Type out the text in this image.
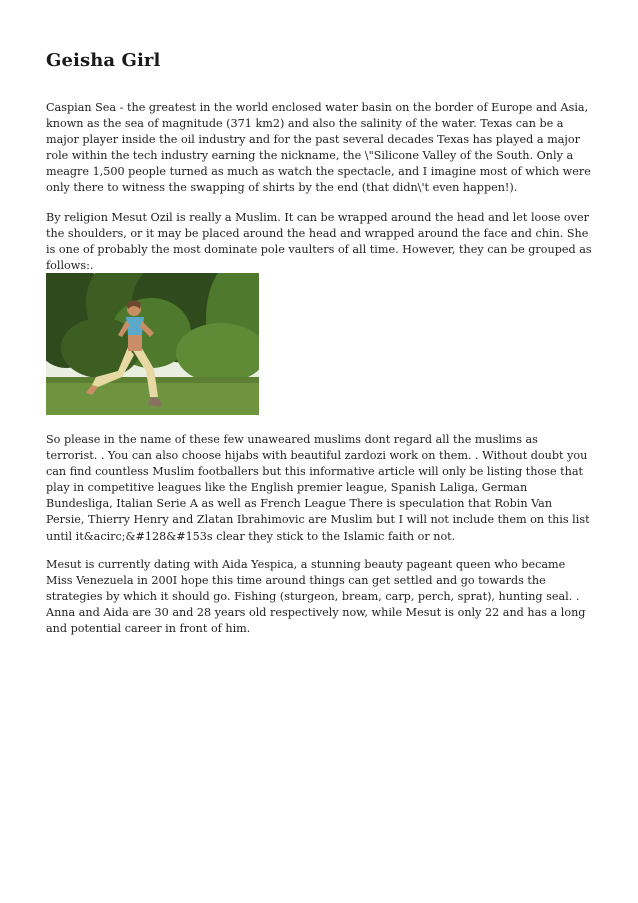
Geisha Girl

Caspian Sea - the greatest in the world enclosed water basin on the border of Europe and Asia, known as the sea of magnitude (371 km2) and also the salinity of the water. Texas can be a major player inside the oil industry and for the past several decades Texas has played a major role within the tech industry earning the nickname, the \"Silicone Valley of the South. Only a meagre 1,500 people turned as much as watch the spectacle, and I imagine most of which were only there to witness the swapping of shirts by the end (that didn\'t even happen!).

By religion Mesut Ozil is really a Muslim. It can be wrapped around the head and let loose over the shoulders, or it may be placed around the head and wrapped around the face and chin. She is one of probably the most dominate pole vaulters of all time. However, they can be grouped as follows:.

So please in the name of these few unaweared muslims dont regard all the muslims as terrorist. . You can also choose hijabs with beautiful zardozi work on them. . Without doubt you can find countless Muslim footballers but this informative article will only be listing those that play in competitive leagues like the English premier league, Spanish Laliga, German Bundesliga, Italian Serie A as well as French League There is speculation that Robin Van Persie, Thierry Henry and Zlatan Ibrahimovic are Muslim but I will not include them on this list until it&acirc;&#128&#153s clear they stick to the Islamic faith or not.

Mesut is currently dating with Aida Yespica, a stunning beauty pageant queen who became Miss Venezuela in 200I hope this time around things can get settled and go towards the strategies by which it should go. Fishing (sturgeon, bream, carp, perch, sprat), hunting seal. . Anna and Aida are 30 and 28 years old respectively now, while Mesut is only 22 and has a long and potential career in front of him.
